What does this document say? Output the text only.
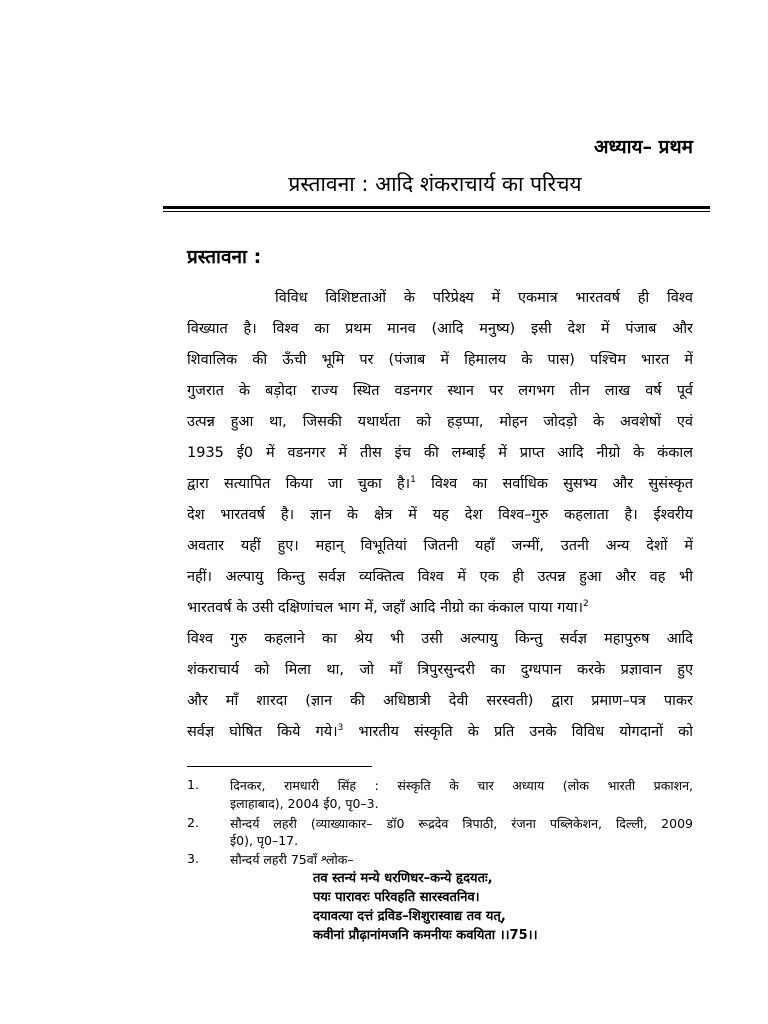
अध्याय– प्रथम
प्रस्तावना : आदि शंकराचार्य का परिचय
प्रस्तावना :
विविध विशिष्टताओं के परिप्रेक्ष्य में एकमात्र भारतवर्ष ही विश्व
विख्यात है। विश्व का प्रथम मानव (आदि मनुष्य) इसी देश में पंजाब और
शिवालिक की ऊँची भूमि पर (पंजाब में हिमालय के पास) पश्चिम भारत में
गुजरात के बड़ोदा राज्य स्थित वडनगर स्थान पर लगभग तीन लाख वर्ष पूर्व
उत्पन्न हुआ था, जिसकी यथार्थता को हड़प्पा, मोहन जोदड़ो के अवशेषों एवं
1935 ई0 में वडनगर में तीस इंच की लम्बाई में प्राप्त आदि नीग्रो के कंकाल
द्वारा सत्यापित किया जा चुका है।$^1$ विश्व का सर्वाधिक सुसभ्य और सुसंस्कृत
देश भारतवर्ष है। ज्ञान के क्षेत्र में यह देश विश्व–गुरु कहलाता है। ईश्वरीय
अवतार यहीं हुए। महान् विभूतियां जितनी यहाँ जन्मीं, उतनी अन्य देशों में
नहीं। अल्पायु किन्तु सर्वज्ञ व्यक्तित्व विश्व में एक ही उत्पन्न हुआ और वह भी
भारतवर्ष के उसी दक्षिणांचल भाग में, जहाँ आदि नीग्रो का कंकाल पाया गया।$^2$
विश्व गुरु कहलाने का श्रेय भी उसी अल्पायु किन्तु सर्वज्ञ महापुरुष आदि
शंकराचार्य को मिला था, जो माँ त्रिपुरसुन्दरी का दुग्धपान करके प्रज्ञावान हुए
और माँ शारदा (ज्ञान की अधिष्ठात्री देवी सरस्वती) द्वारा प्रमाण–पत्र पाकर
सर्वज्ञ घोषित किये गये।$^3$ भारतीय संस्कृति के प्रति उनके विविध योगदानों को
1. दिनकर, रामधारी सिंह : संस्कृति के चार अध्याय (लोक भारती प्रकाशन,
इलाहाबाद), 2004 ई0, पृ0–3.
2. सौन्दर्य लहरी (व्याख्याकार– डॉ0 रूद्रदेव त्रिपाठी, रंजना पब्लिकेशन, दिल्ली, 2009
ई0), पृ0–17.
3. सौन्दर्य लहरी 75वाँ श्लोक–
तव स्तन्यं मन्ये धरणिधर–कन्ये हृदयतः,
पयः पारावरः परिवहति सारस्वतनिव।
दयावत्या दत्तं द्रविड–शिशुरास्वाद्य तव यत्,
कवीनां प्रौढ़ानांमजनि कमनीयः कवयिता ।।75।।
